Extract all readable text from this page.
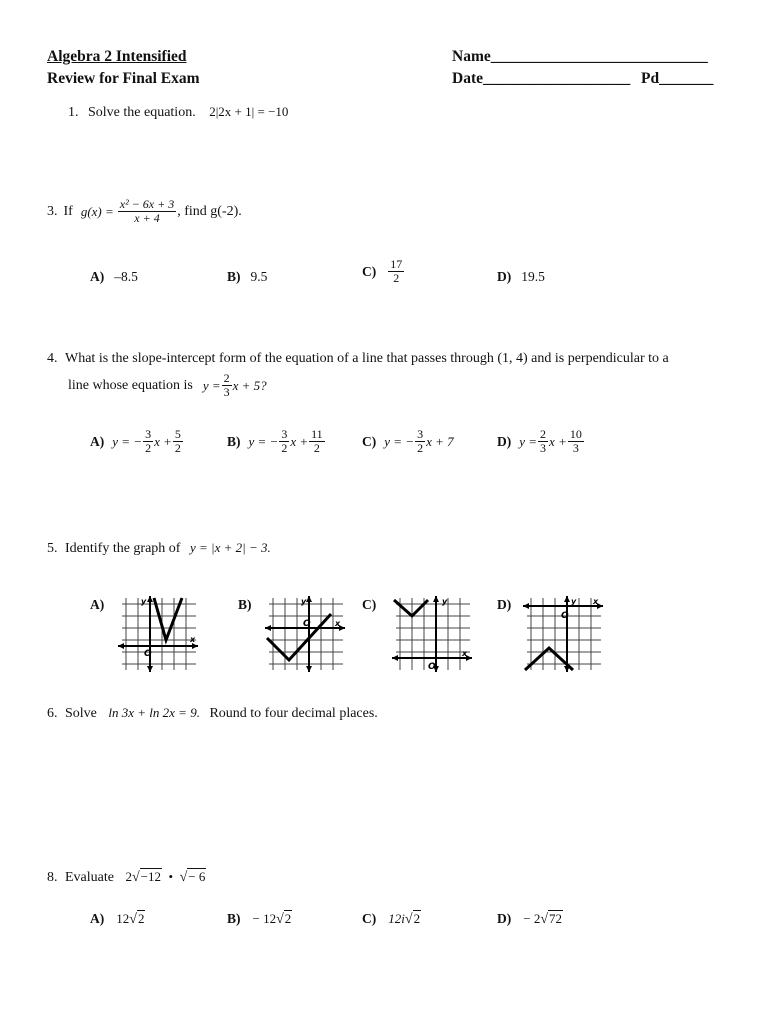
Algebra 2 Intensified
Review for Final Exam
Name____________________________
Date___________________ Pd_______
1. Solve the equation. 2|2x + 1| = −10
3. If $g(x) = \frac{\text{x² − 6x + 3}}{x + 4}$ , find g(-2).
A) –8.5	B) 9.5	$C) \frac{17}{2}$	D) 19.5
4. What is the slope-intercept form of the equation of a line that passes through (1, 4) and is perpendicular to a
line whose equation is $y = \frac{2}{3}$ x + 5?
A) y = − $\frac{3}{2}$ $x + \frac{5}{2}$	B) y = − $\frac{3}{2}$ $x + \frac{11}{2}$	C) y = − $\frac{3}{2}$ x + 7	D) $y = \frac{2}{3}$ $x + \frac{10}{3}$
5. Identify the graph of y = |x + 2| − 3.
A)	B)	C)	D)
y
x
O
y
x
O
y
x
O
y x
O
6. Solve ln 3x + ln 2x = 9. Round to four decimal places.
8. Evaluate 2√−12 • √− 6
A) 12√2	B) − 12√2	C) 12i√2	D) − 2√72
